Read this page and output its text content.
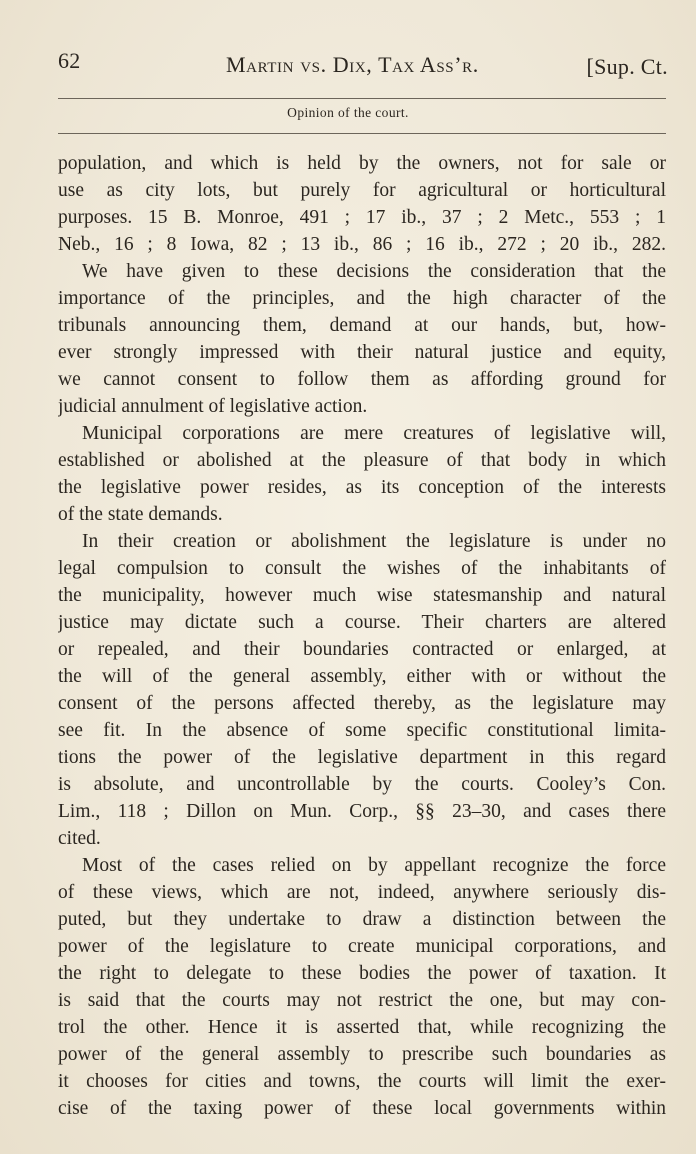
62	Martin vs. Dix, Tax Ass’r.	[Sup. Ct.
Opinion of the court.
population, and which is held by the owners, not for sale or
use as city lots, but purely for agricultural or horticultural
purposes. 15 B. Monroe, 491 ; 17 ib., 37 ; 2 Metc., 553 ; 1
Neb., 16 ; 8 Iowa, 82 ; 13 ib., 86 ; 16 ib., 272 ; 20 ib., 282.
We have given to these decisions the consideration that the
importance of the principles, and the high character of the
tribunals announcing them, demand at our hands, but, how-
ever strongly impressed with their natural justice and equity,
we cannot consent to follow them as affording ground for
judicial annulment of legislative action.
Municipal corporations are mere creatures of legislative will,
established or abolished at the pleasure of that body in which
the legislative power resides, as its conception of the interests
of the state demands.
In their creation or abolishment the legislature is under no
legal compulsion to consult the wishes of the inhabitants of
the municipality, however much wise statesmanship and natural
justice may dictate such a course. Their charters are altered
or repealed, and their boundaries contracted or enlarged, at
the will of the general assembly, either with or without the
consent of the persons affected thereby, as the legislature may
see fit. In the absence of some specific constitutional limita-
tions the power of the legislative department in this regard
is absolute, and uncontrollable by the courts. Cooley’s Con.
Lim., 118 ; Dillon on Mun. Corp., §§ 23–30, and cases there
cited.
Most of the cases relied on by appellant recognize the force
of these views, which are not, indeed, anywhere seriously dis-
puted, but they undertake to draw a distinction between the
power of the legislature to create municipal corporations, and
the right to delegate to these bodies the power of taxation. It
is said that the courts may not restrict the one, but may con-
trol the other. Hence it is asserted that, while recognizing the
power of the general assembly to prescribe such boundaries as
it chooses for cities and towns, the courts will limit the exer-
cise of the taxing power of these local governments within
